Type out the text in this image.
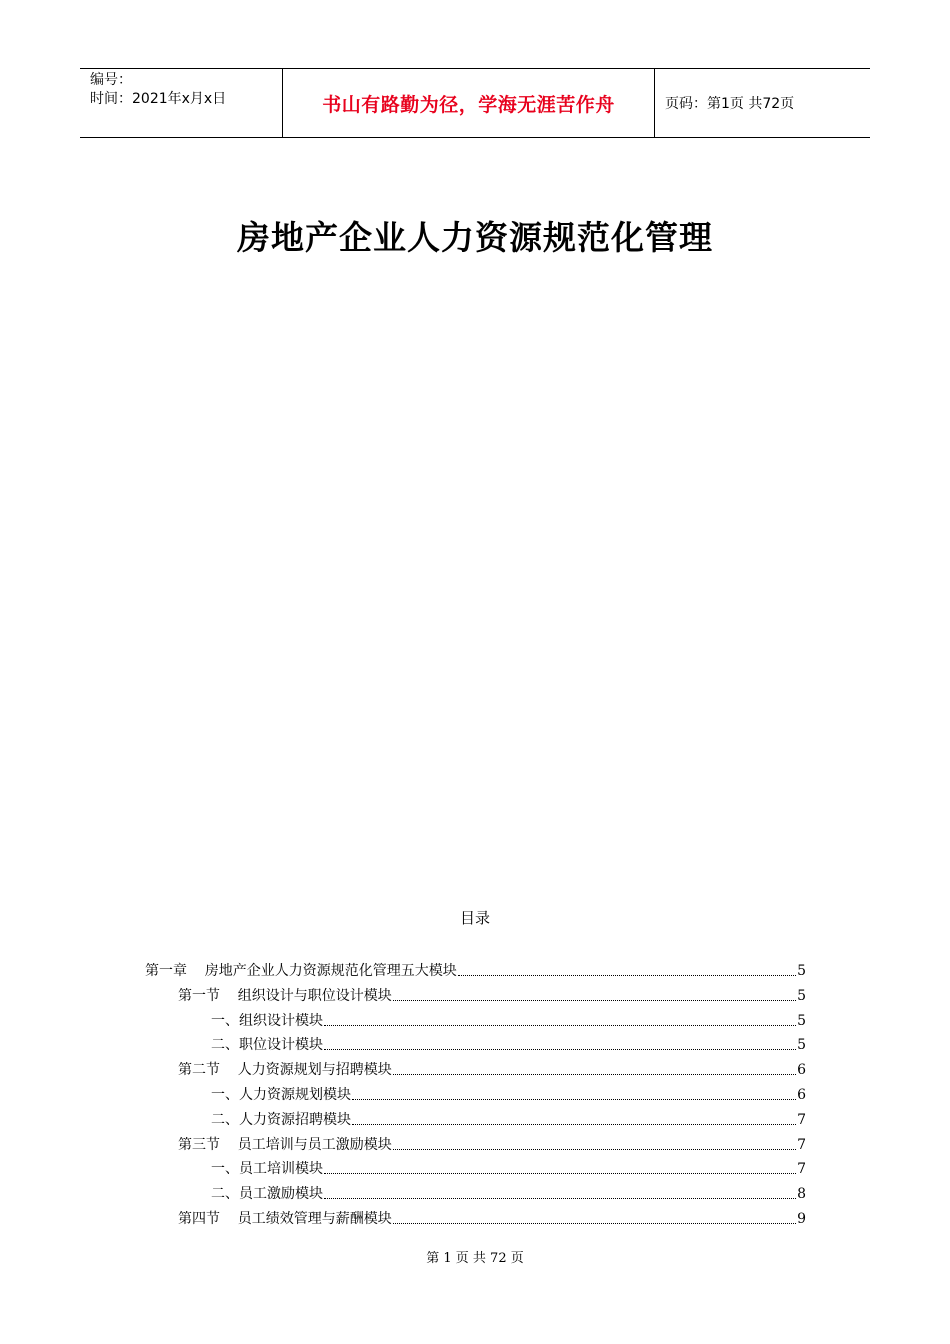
编号：
时间：2021年x月x日	书山有路勤为径，学海无涯苦作舟	页码：第1页 共72页
房地产企业人力资源规范化管理
目录
第一章    房地产企业人力资源规范化管理五大模块	5
第一节    组织设计与职位设计模块	5
一、组织设计模块	5
二、职位设计模块	5
第二节    人力资源规划与招聘模块	6
一、人力资源规划模块	6
二、人力资源招聘模块	7
第三节    员工培训与员工激励模块	7
一、员工培训模块	7
二、员工激励模块	8
第四节    员工绩效管理与薪酬模块	9
第 1 页 共 72 页
